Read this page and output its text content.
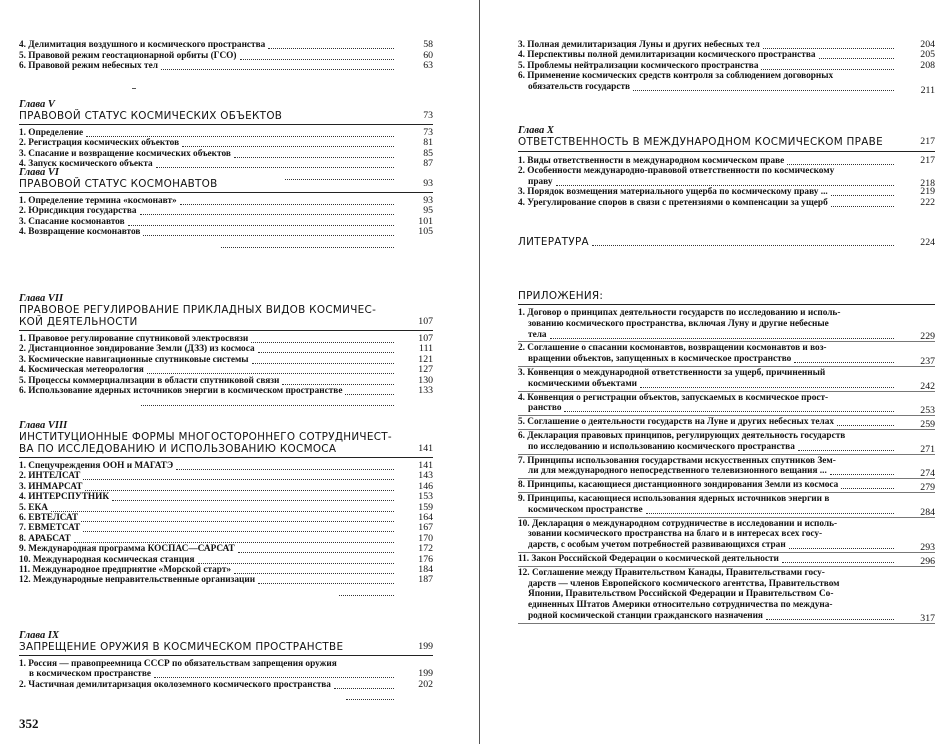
4. Делимитация воздушного и космического пространства	58
5. Правовой режим геостационарной орбиты (ГСО)	60
6. Правовой режим небесных тел	63
Глава V
ПРАВОВОЙ СТАТУС КОСМИЧЕСКИХ ОБЪЕКТОВ	73
1. Определение	73
2. Регистрация космических объектов	81
3. Спасание и возвращение космических объектов	85
4. Запуск космического объекта	87
Глава VI
ПРАВОВОЙ СТАТУС КОСМОНАВТОВ	93
1. Определение термина «космонавт»	93
2. Юрисдикция государства	95
3. Спасание космонавтов	101
4. Возвращение космонавтов	105
Глава VII
ПРАВОВОЕ РЕГУЛИРОВАНИЕ ПРИКЛАДНЫХ ВИДОВ КОСМИЧЕС-
КОЙ ДЕЯТЕЛЬНОСТИ	107
1. Правовое регулирование спутниковой электросвязи	107
2. Дистанционное зондирование Земли (ДЗЗ) из космоса	111
3. Космические навигационные спутниковые системы	121
4. Космическая метеорология	127
5. Процессы коммерциализации в области спутниковой связи	130
6. Использование ядерных источников энергии в космическом пространстве	133
Глава VIII
ИНСТИТУЦИОННЫЕ ФОРМЫ МНОГОСТОРОННЕГО СОТРУДНИЧЕСТ-
ВА ПО ИССЛЕДОВАНИЮ И ИСПОЛЬЗОВАНИЮ КОСМОСА	141
1. Спецучреждения ООН и МАГАТЭ	141
2. ИНТЕЛСАТ	143
3. ИНМАРСАТ	146
4. ИНТЕРСПУТНИК	153
5. ЕКА	159
6. ЕВТЕЛСАТ	164
7. ЕВМЕТСАТ	167
8. АРАБСАТ	170
9. Международная программа КОСПАС—САРСАТ	172
10. Международная космическая станция	176
11. Международное предприятие «Морской старт»	184
12. Международные неправительственные организации	187
Глава IX
ЗАПРЕЩЕНИЕ ОРУЖИЯ В КОСМИЧЕСКОМ ПРОСТРАНСТВЕ	199
1. Россия — правопреемница СССР по обязательствам запрещения оружия
в космическом пространстве	199
2. Частичная демилитаризация околоземного космического пространства	202
352
3. Полная демилитаризация Луны и других небесных тел	204
4. Перспективы полной демилитаризации космического пространства	205
5. Проблемы нейтрализации космического пространства	208
6. Применение космических средств контроля за соблюдением договорных
обязательств государств	211
Глава X
ОТВЕТСТВЕННОСТЬ В МЕЖДУНАРОДНОМ КОСМИЧЕСКОМ ПРАВЕ	217
1. Виды ответственности в международном космическом праве	217
2. Особенности международно-правовой ответственности по космическому
праву	218
3. Порядок возмещения материального ущерба по космическому праву ...	219
4. Урегулирование споров в связи с претензиями о компенсации за ущерб	222
ЛИТЕРАТУРА	224
ПРИЛОЖЕНИЯ:
1. Договор о принципах деятельности государств по исследованию и исполь-
зованию космического пространства, включая Луну и другие небесные
тела	229
2. Соглашение о спасании космонавтов, возвращении космонавтов и воз-
вращении объектов, запущенных в космическое пространство	237
3. Конвенция о международной ответственности за ущерб, причиненный
космическими объектами	242
4. Конвенция о регистрации объектов, запускаемых в космическое прост-
ранство	253
5. Соглашение о деятельности государств на Луне и других небесных телах	259
6. Декларация правовых принципов, регулирующих деятельность государств
по исследованию и использованию космического пространства	271
7. Принципы использования государствами искусственных спутников Зем-
ли для международного непосредственного телевизионного вещания ...	274
8. Принципы, касающиеся дистанционного зондирования Земли из космоса	279
9. Принципы, касающиеся использования ядерных источников энергии в
космическом пространстве	284
10. Декларация о международном сотрудничестве в исследовании и исполь-
зовании космического пространства на благо и в интересах всех госу-
дарств, с особым учетом потребностей развивающихся стран	293
11. Закон Российской Федерации о космической деятельности	296
12. Соглашение между Правительством Канады, Правительствами госу-
дарств — членов Европейского космического агентства, Правительством
Японии, Правительством Российской Федерации и Правительством Со-
единенных Штатов Америки относительно сотрудничества по междуна-
родной космической станции гражданского назначения	317
